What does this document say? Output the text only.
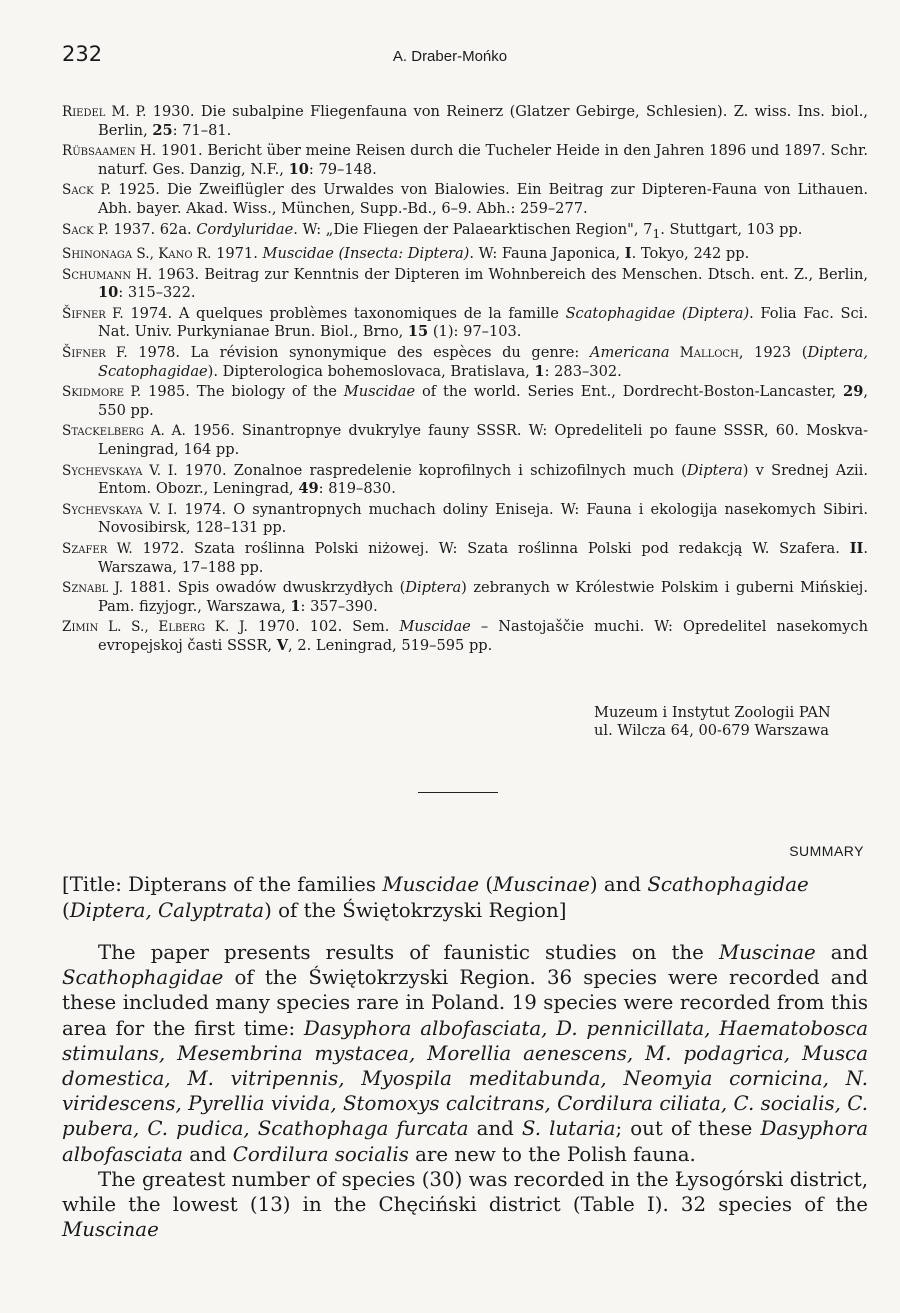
232	A. Draber-Mońko

Riedel M. P. 1930. Die subalpine Fliegenfauna von Reinerz (Glatzer Gebirge, Schlesien). Z. wiss. Ins. biol., Berlin, 25: 71–81.

Rübsaamen H. 1901. Bericht über meine Reisen durch die Tucheler Heide in den Jahren 1896 und 1897. Schr. naturf. Ges. Danzig, N.F., 10: 79–148.

Sack P. 1925. Die Zweiflügler des Urwaldes von Bialowies. Ein Beitrag zur Dipteren-Fauna von Lithauen. Abh. bayer. Akad. Wiss., München, Supp.-Bd., 6–9. Abh.: 259–277.

Sack P. 1937. 62a. Cordyluridae. W: „Die Fliegen der Palaearktischen Region", $7_1$. Stuttgart, 103 pp.

Shinonaga S., Kano R. 1971. Muscidae (Insecta: Diptera). W: Fauna Japonica, I. Tokyo, 242 pp.

Schumann H. 1963. Beitrag zur Kenntnis der Dipteren im Wohnbereich des Menschen. Dtsch. ent. Z., Berlin, 10: 315–322.

Šifner F. 1974. A quelques problèmes taxonomiques de la famille Scatophagidae (Diptera). Folia Fac. Sci. Nat. Univ. Purkynianae Brun. Biol., Brno, 15 (1): 97–103.

Šifner F. 1978. La révision synonymique des espèces du genre: Americana Malloch, 1923 (Diptera, Scatophagidae). Dipterologica bohemoslovaca, Bratislava, 1: 283–302.

Skidmore P. 1985. The biology of the Muscidae of the world. Series Ent., Dordrecht-Boston-Lancaster, 29, 550 pp.

Stackelberg A. A. 1956. Sinantropnye dvukrylye fauny SSSR. W: Opredeliteli po faune SSSR, 60. Moskva-Leningrad, 164 pp.

Sychevskaya V. I. 1970. Zonalnoe raspredelenie koprofilnych i schizofilnych much (Diptera) v Srednej Azii. Entom. Obozr., Leningrad, 49: 819–830.

Sychevskaya V. I. 1974. O synantropnych muchach doliny Eniseja. W: Fauna i ekologija nasekomych Sibiri. Novosibirsk, 128–131 pp.

Szafer W. 1972. Szata roślinna Polski niżowej. W: Szata roślinna Polski pod redakcją W. Szafera. II. Warszawa, 17–188 pp.

Sznabl J. 1881. Spis owadów dwuskrzydłych (Diptera) zebranych w Królestwie Polskim i guberni Mińskiej. Pam. fizyjogr., Warszawa, 1: 357–390.

Zimin L. S., Elberg K. J. 1970. 102. Sem. Muscidae – Nastojaščie muchi. W: Opredelitel nasekomych evropejskoj časti SSSR, V, 2. Leningrad, 519–595 pp.

Muzeum i Instytut Zoologii PAN
ul. Wilcza 64, 00-679 Warszawa
SUMMARY
[Title: Dipterans of the families Muscidae (Muscinae) and Scathophagidae (Diptera, Calyptrata) of the Świętokrzyski Region]

The paper presents results of faunistic studies on the Muscinae and Scathophagidae of the Świętokrzyski Region. 36 species were recorded and these included many species rare in Poland. 19 species were recorded from this area for the first time: Dasyphora albofasciata, D. pennicillata, Haematobosca stimulans, Mesembrina mystacea, Morellia aenescens, M. podagrica, Musca domestica, M. vitripennis, Myospila meditabunda, Neomyia cornicina, N. viridescens, Pyrellia vivida, Stomoxys calcitrans, Cordilura ciliata, C. socialis, C. pubera, C. pudica, Scathophaga furcata and S. lutaria; out of these Dasyphora albofasciata and Cordilura socialis are new to the Polish fauna.

The greatest number of species (30) was recorded in the Łysogórski district, while the lowest (13) in the Chęciński district (Table I). 32 species of the Muscinae
